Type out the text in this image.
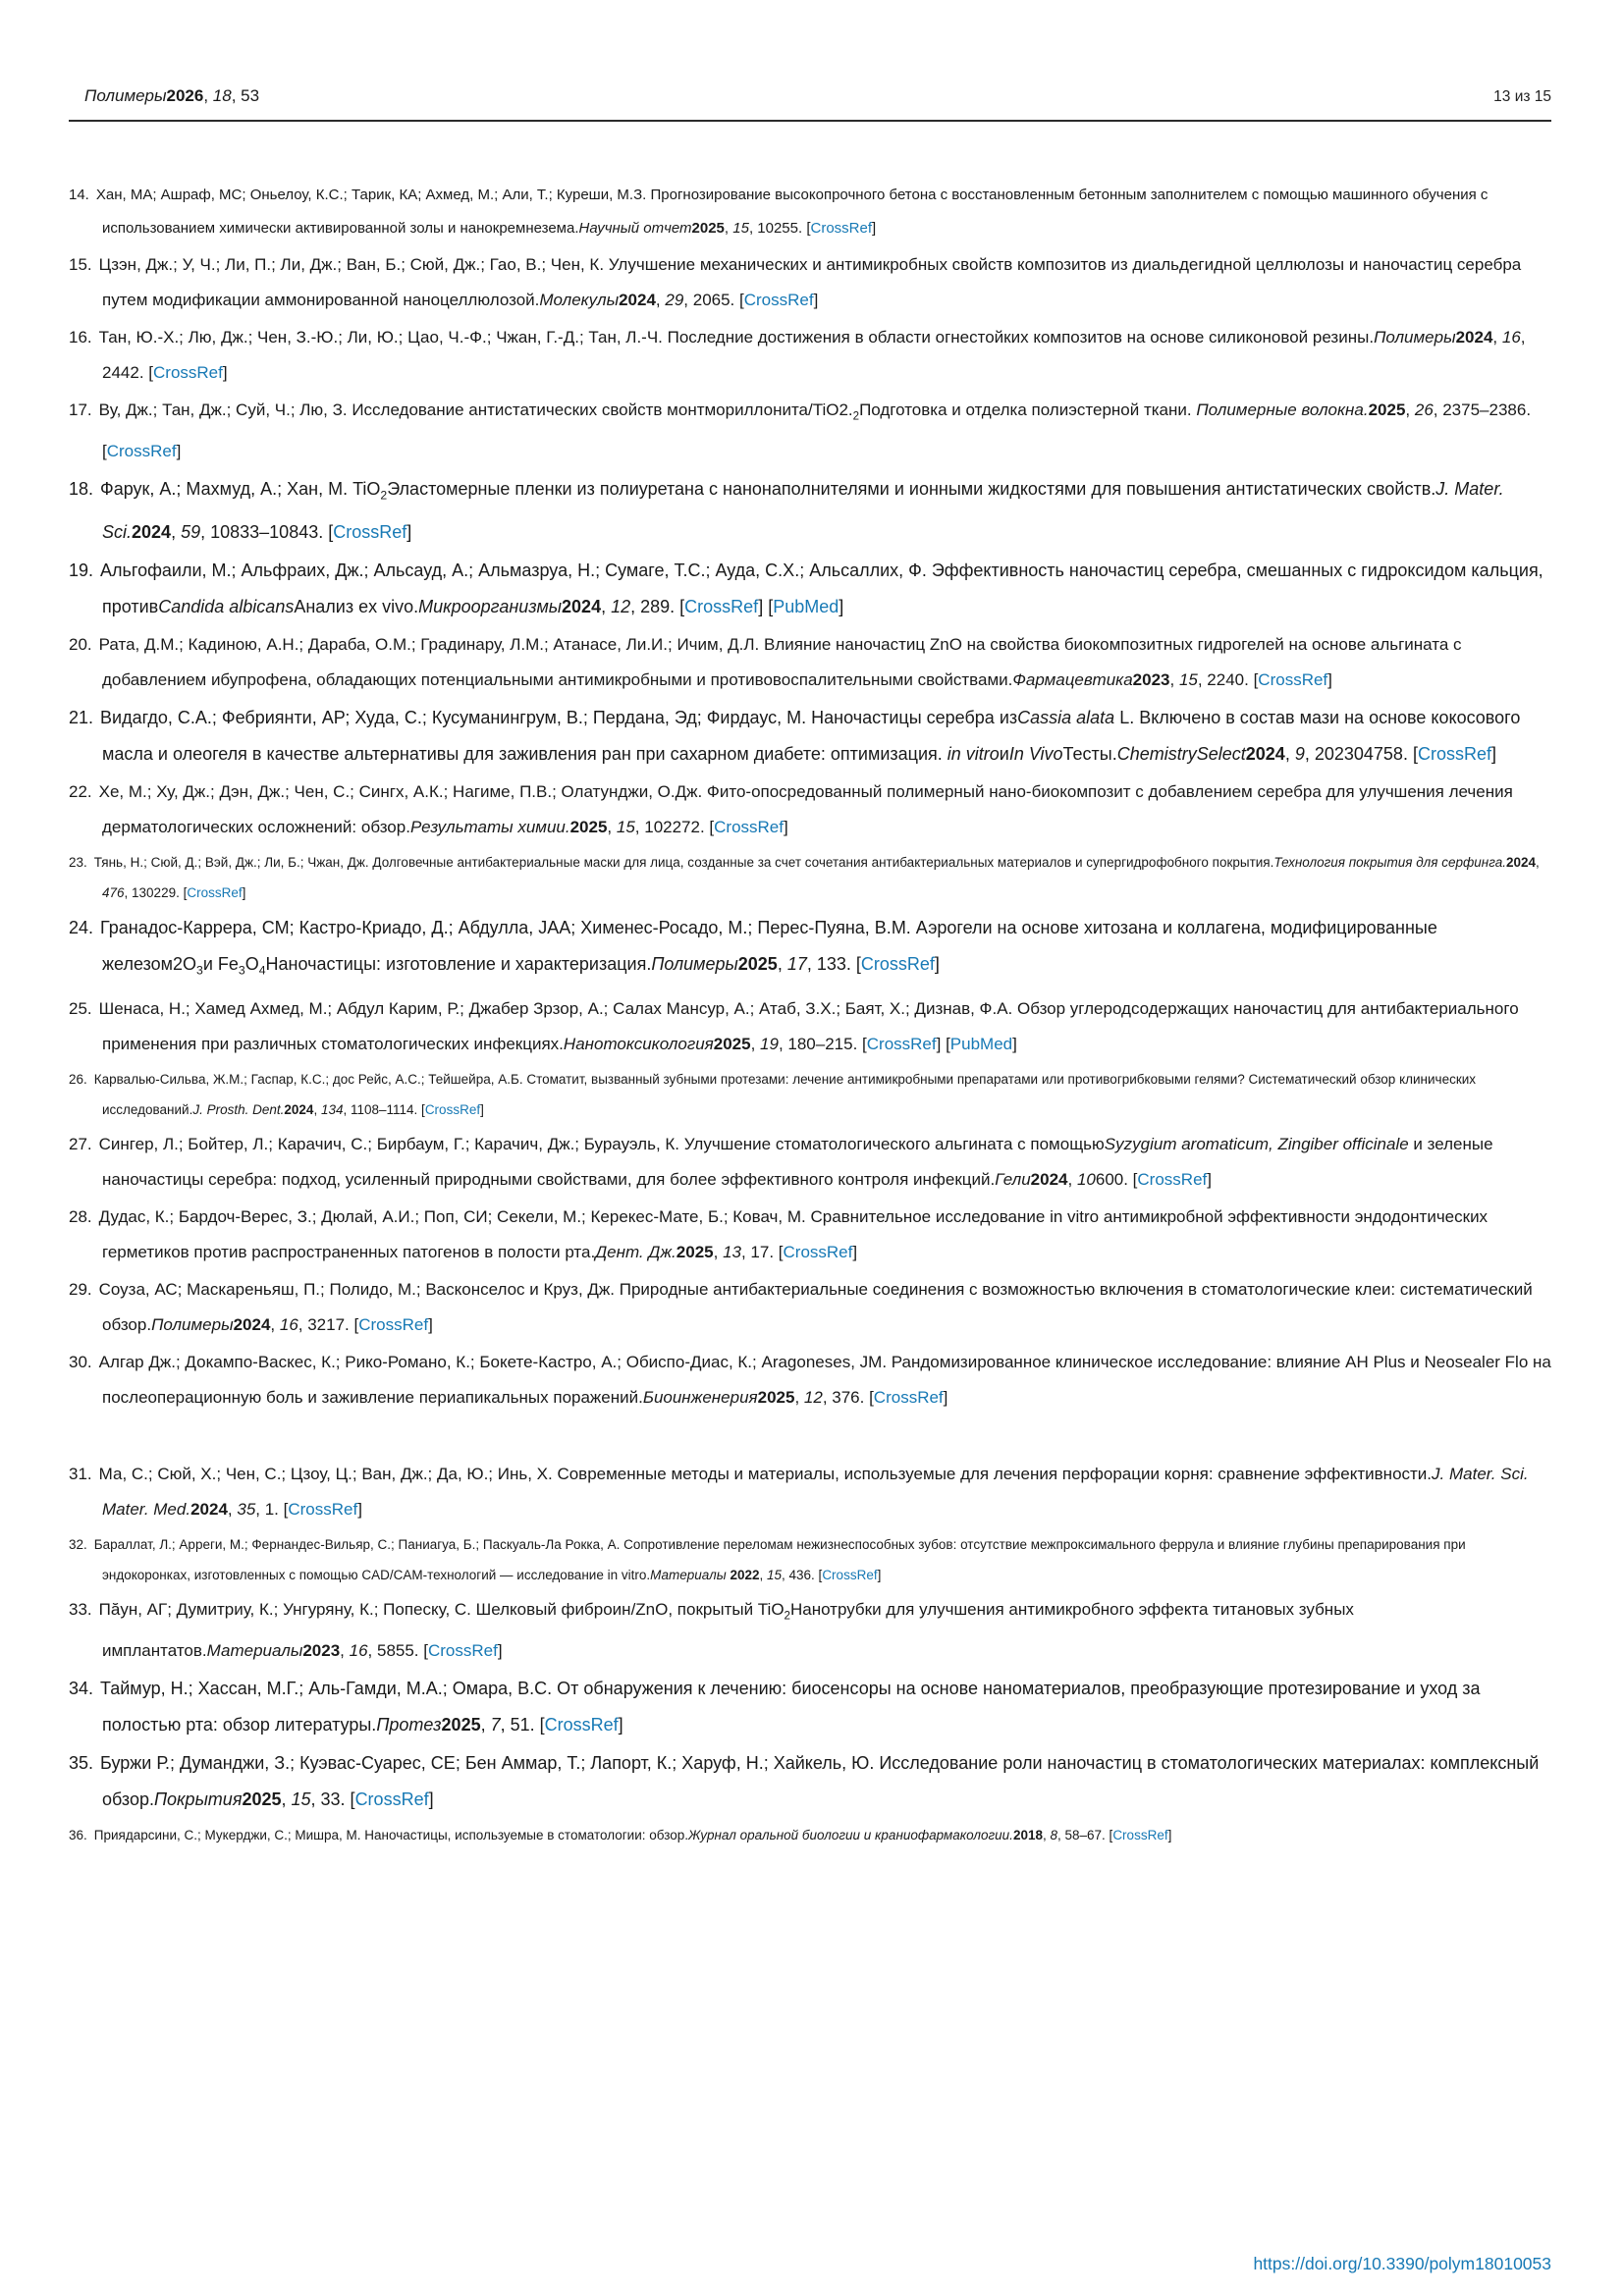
Полимеры2026, 18, 53	13 из 15
14. Хан, МА; Ашраф, МС; Оньелоу, К.С.; Тарик, КА; Ахмед, М.; Али, Т.; Куреши, М.З. Прогнозирование высокопрочного бетона с восстановленным бетонным заполнителем с помощью машинного обучения с использованием химически активированной золы и нанокремнезема.Научный отчет2025, 15, 10255. [CrossRef]
15. Цзэн, Дж.; У, Ч.; Ли, П.; Ли, Дж.; Ван, Б.; Сюй, Дж.; Гао, В.; Чен, К. Улучшение механических и антимикробных свойств композитов из диальдегидной целлюлозы и наночастиц серебра путем модификации аммонированной наноцеллюлозой.Молекулы2024, 29, 2065. [CrossRef]
16. Тан, Ю.-Х.; Лю, Дж.; Чен, З.-Ю.; Ли, Ю.; Цао, Ч.-Ф.; Чжан, Г.-Д.; Тан, Л.-Ч. Последние достижения в области огнестойких композитов на основе силиконовой резины.Полимеры2024, 16, 2442. [CrossRef]
17. Ву, Дж.; Тан, Дж.; Суй, Ч.; Лю, З. Исследование антистатических свойств монтмориллонита/$TiO2._2Подготовка$ и отделка полиэстерной ткани. Полимерные волокна.2025, 26, 2375–2386. [CrossRef]
18. Фарук, А.; Махмуд, А.; Хан, М. TiO$_2$Эластомерные пленки из полиуретана с нанонаполнителями и ионными жидкостями для повышения антистатических свойств.J. Mater. Sci.2024, 59, 10833–10843. [CrossRef]
19. Альгофаили, М.; Альфраих, Дж.; Альсауд, А.; Альмазруа, Н.; Сумаге, Т.С.; Ауда, С.Х.; Альсаллих, Ф. Эффективность наночастиц серебра, смешанных с гидроксидом кальция, противCandida albicansАнализ ex vivo.Микроорганизмы2024, 12, 289. [CrossRef] [PubMed]
20. Рата, Д.М.; Кадиною, А.Н.; Дараба, О.М.; Градинару, Л.М.; Атанасе, Ли.И.; Ичим, Д.Л. Влияние наночастиц ZnO на свойства биокомпозитных гидрогелей на основе альгината с добавлением ибупрофена, обладающих потенциальными антимикробными и противовоспалительными свойствами.Фармацевтика2023, 15, 2240. [CrossRef]
21. Видагдо, С.А.; Фебриянти, АР; Худа, С.; Кусуманингрум, В.; Пердана, Эд; Фирдаус, М. Наночастицы серебра изCassia alata L. Включено в состав мази на основе кокосового масла и олеогеля в качестве альтернативы для заживления ран при сахарном диабете: оптимизация. in vitroиIn VivoТесты.ChemistrySelect2024, 9, 202304758. [CrossRef]
22. Хе, М.; Ху, Дж.; Дэн, Дж.; Чен, С.; Сингх, А.К.; Нагиме, П.В.; Олатунджи, О.Дж. Фито-опосредованный полимерный нано-биокомпозит с добавлением серебра для улучшения лечения дерматологических осложнений: обзор.Результаты химии.2025, 15, 102272. [CrossRef]
23. Тянь, Н.; Сюй, Д.; Вэй, Дж.; Ли, Б.; Чжан, Дж. Долговечные антибактериальные маски для лица, созданные за счет сочетания антибактериальных материалов и супергидрофобного покрытия.Технология покрытия для серфинга.2024, 476, 130229. [CrossRef]
24. Гранадос-Каррера, СМ; Кастро-Криадо, Д.; Абдулла, JAA; Хименес-Росадо, М.; Перес-Пуяна, В.М. Аэрогели на основе хитозана и коллагена, модифицированные $железом2О_3и$ $Fe_3O_4Наночастицы$: изготовление и характеризация.Полимеры2025, 17, 133. [CrossRef]
25. Шенаса, Н.; Хамед Ахмед, М.; Абдул Карим, Р.; Джабер Зрзор, А.; Салах Мансур, А.; Атаб, З.Х.; Баят, Х.; Дизнав, Ф.А. Обзор углеродсодержащих наночастиц для антибактериального применения при различных стоматологических инфекциях.Нанотоксикология2025, 19, 180–215. [CrossRef] [PubMed]
26. Карвалью-Сильва, Ж.М.; Гаспар, К.С.; дос Рейс, А.С.; Тейшейра, А.Б. Стоматит, вызванный зубными протезами: лечение антимикробными препаратами или противогрибковыми гелями? Систематический обзор клинических исследований.J. Prosth. Dent.2024, 134, 1108–1114. [CrossRef]
27. Сингер, Л.; Бойтер, Л.; Карачич, С.; Бирбаум, Г.; Карачич, Дж.; Бурауэль, К. Улучшение стоматологического альгината с помощьюSyzygium aromaticum, Zingiber officinale и зеленые наночастицы серебра: подход, усиленный природными свойствами, для более эффективного контроля инфекций.Гели2024, 10600. [CrossRef]
28. Дудас, К.; Бардоч-Верес, З.; Дюлай, А.И.; Поп, СИ; Секели, М.; Керекес-Мате, Б.; Ковач, М. Сравнительное исследование in vitro антимикробной эффективности эндодонтических герметиков против распространенных патогенов в полости рта.Дент. Дж.2025, 13, 17. [CrossRef]
29. Соуза, АС; Маскареньяш, П.; Полидо, М.; Васконселос и Круз, Дж. Природные антибактериальные соединения с возможностью включения в стоматологические клеи: систематический обзор.Полимеры2024, 16, 3217. [CrossRef]
30. Алгар Дж.; Докампо-Васкес, К.; Рико-Романо, К.; Бокете-Кастро, А.; Обиспо-Диас, К.; Aragoneses, JM. Рандомизированное клиническое исследование: влияние AH Plus и Neosealer Flo на послеоперационную боль и заживление периапикальных поражений.Биоинженерия2025, 12, 376. [CrossRef]
31. Ма, С.; Сюй, Х.; Чен, С.; Цзоу, Ц.; Ван, Дж.; Да, Ю.; Инь, Х. Современные методы и материалы, используемые для лечения перфорации корня: сравнение эффективности.J. Mater. Sci. Mater. Med.2024, 35, 1. [CrossRef]
32. Бараллат, Л.; Арреги, М.; Фернандес-Вильяр, С.; Паниагуа, Б.; Паскуаль-Ла Рокка, А. Сопротивление переломам нежизнеспособных зубов: отсутствие межпроксимального феррула и влияние глубины препарирования при эндокоронках, изготовленных с помощью CAD/CAM-технологий — исследование in vitro.Материалы 2022, 15, 436. [CrossRef]
33. Пăун, АГ; Думитриу, К.; Унгуряну, К.; Попеску, С. Шелковый фиброин/ZnO, покрытый TiO$_2$Нанотрубки для улучшения антимикробного эффекта титановых зубных имплантатов.Материалы2023, 16, 5855. [CrossRef]
34. Таймур, Н.; Хассан, М.Г.; Аль-Гамди, М.А.; Омара, В.С. От обнаружения к лечению: биосенсоры на основе наноматериалов, преобразующие протезирование и уход за полостью рта: обзор литературы.Протез2025, 7, 51. [CrossRef]
35. Буржи Р.; Думанджи, З.; Куэвас-Суарес, СЕ; Бен Аммар, Т.; Лапорт, К.; Харуф, Н.; Хайкель, Ю. Исследование роли наночастиц в стоматологических материалах: комплексный обзор.Покрытия2025, 15, 33. [CrossRef]
36. Приядарсини, С.; Мукерджи, С.; Мишра, М. Наночастицы, используемые в стоматологии: обзор.Журнал оральной биологии и краниофармакологии.2018, 8, 58–67. [CrossRef]
https://doi.org/10.3390/polym18010053
